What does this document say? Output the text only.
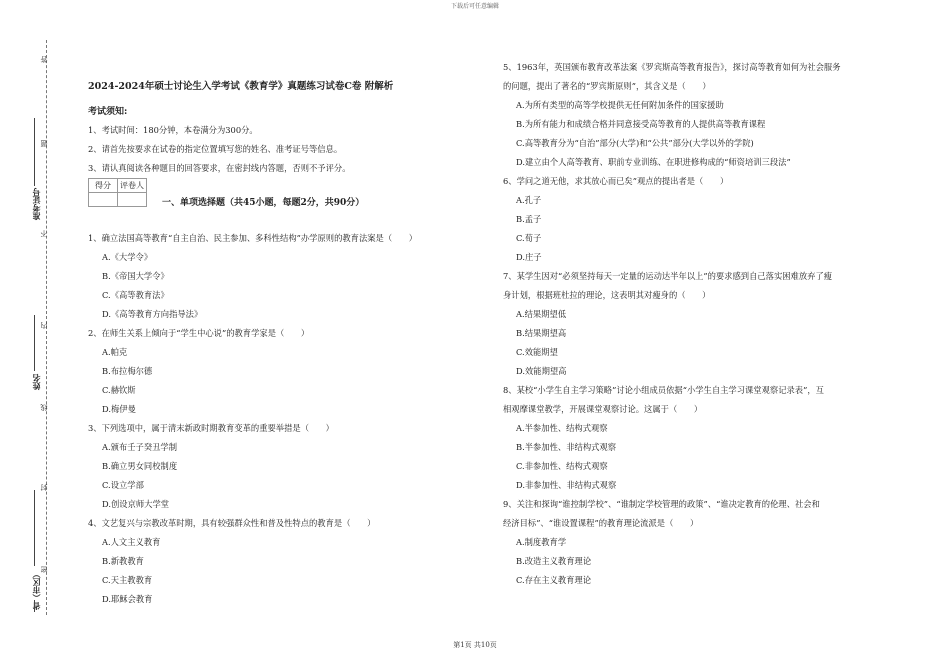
下载后可任意编辑
答
题
不
内
线
封
密
准考证号
姓名
省（市区）
2024-2024年硕士讨论生入学考试《教育学》真题练习试卷C卷 附解析
考试须知:
1、考试时间：180分钟，本卷满分为300分。
2、请首先按要求在试卷的指定位置填写您的姓名、准考证号等信息。
3、请认真阅读各种题目的回答要求，在密封线内答题，否则不予评分。
得分	评卷人

一、单项选择题（共45小题，每题2分，共90分）
1、确立法国高等教育“自主自治、民主参加、多科性结构”办学原则的教育法案是（　　）
A.《大学令》
B.《帝国大学令》
C.《高等教育法》
D.《高等教育方向指导法》
2、在师生关系上倾向于“学生中心说”的教育学家是（　　）
A.帕克
B.布拉梅尔德
C.赫钦斯
D.梅伊曼
3、下列选项中，属于清末新政时期教育变革的重要举措是（　　）
A.颁布壬子癸丑学制
B.确立男女同校制度
C.设立学部
D.创设京师大学堂
4、文艺复兴与宗教改革时期，具有较强群众性和普及性特点的教育是（　　）
A.人文主义教育
B.新教教育
C.天主教教育
D.耶稣会教育
5、1963年，英国颁布教育改革法案《罗宾斯高等教育报告》，探讨高等教育如何为社会服务
的问题，提出了著名的“罗宾斯原则”，其含义是（　　）
A.为所有类型的高等学校提供无任何附加条件的国家援助
B.为所有能力和成绩合格并同意接受高等教育的人提供高等教育课程
C.高等教育分为“自治”部分(大学)和“公共”部分(大学以外的学院)
D.建立由个人高等教育、职前专业训练、在职进修构成的“师资培训三段法”
6、学问之道无他，求其放心而已矣”观点的提出者是（　　）
A.孔子
B.孟子
C.荀子
D.庄子
7、某学生因对“必须坚持每天一定量的运动达半年以上”的要求感到自己落实困难放弃了瘦
身计划，根据班杜拉的理论，这表明其对瘦身的（　　）
A.结果期望低
B.结果期望高
C.效能期望
D.效能期望高
8、某校“小学生自主学习策略”讨论小组成员依据“小学生自主学习课堂观察记录表”，互
相观摩课堂教学，开展课堂观察讨论。这属于（　　）
A.半参加性、结构式观察
B.半参加性、非结构式观察
C.非参加性、结构式观察
D.非参加性、非结构式观察
9、关注和探询“谁控制学校”、“谁制定学校管理的政策”、“谁决定教育的伦理、社会和
经济目标”、“谁设置课程”的教育理论流派是（　　）
A.制度教育学
B.改造主义教育理论
C.存在主义教育理论
第1页 共10页
